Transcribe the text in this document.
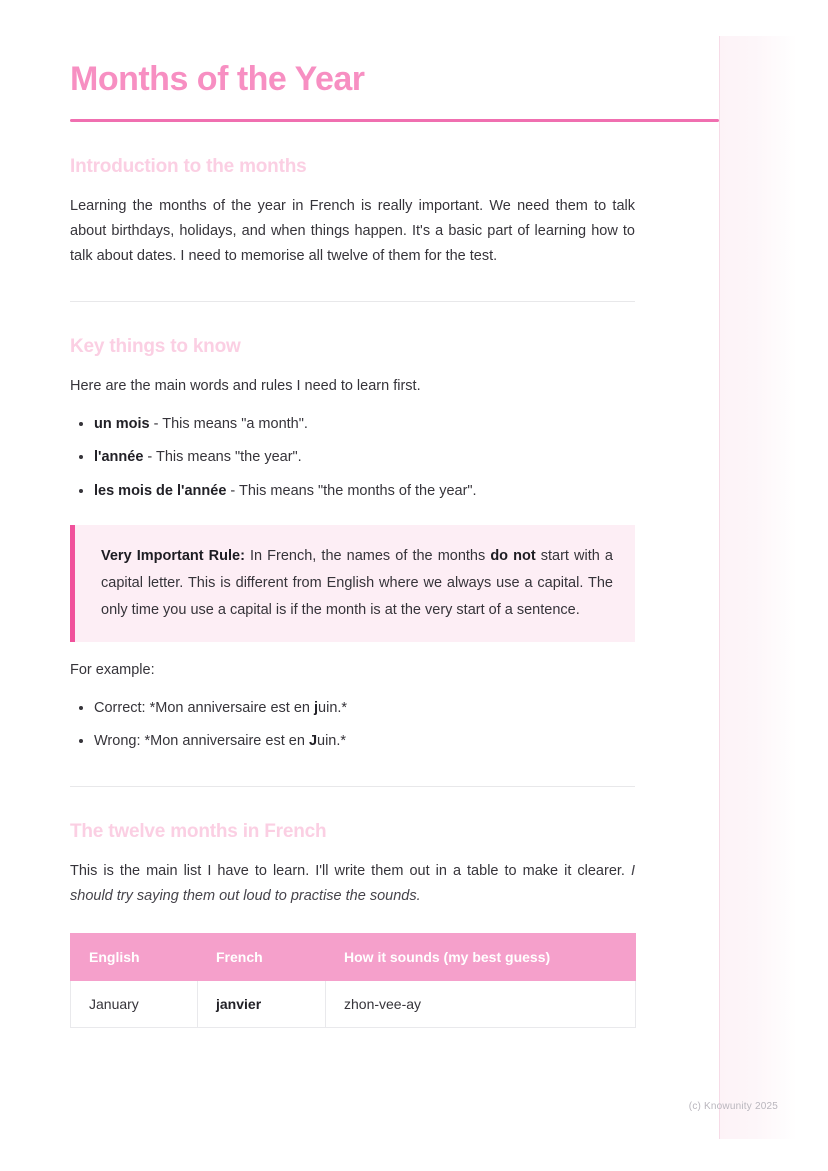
(c) Knowunity 2025
Months of the Year
Introduction to the months

Learning the months of the year in French is really important. We need them to talk about birthdays, holidays, and when things happen. It's a basic part of learning how to talk about dates. I need to memorise all twelve of them for the test.

Key things to know

Here are the main words and rules I need to learn first.

• un mois - This means "a month".
• l'année - This means "the year".
• les mois de l'année - This means "the months of the year".

Very Important Rule: In French, the names of the months do not start with a capital letter. This is different from English where we always use a capital. The only time you use a capital is if the month is at the very start of a sentence.

For example:

• Correct: *Mon anniversaire est en juin.*
• Wrong: *Mon anniversaire est en Juin.*
The twelve months in French

This is the main list I have to learn. I'll write them out in a table to make it clearer. I should try saying them out loud to practise the sounds.

English	French	How it sounds (my best guess)
January	janvier	zhon-vee-ay
